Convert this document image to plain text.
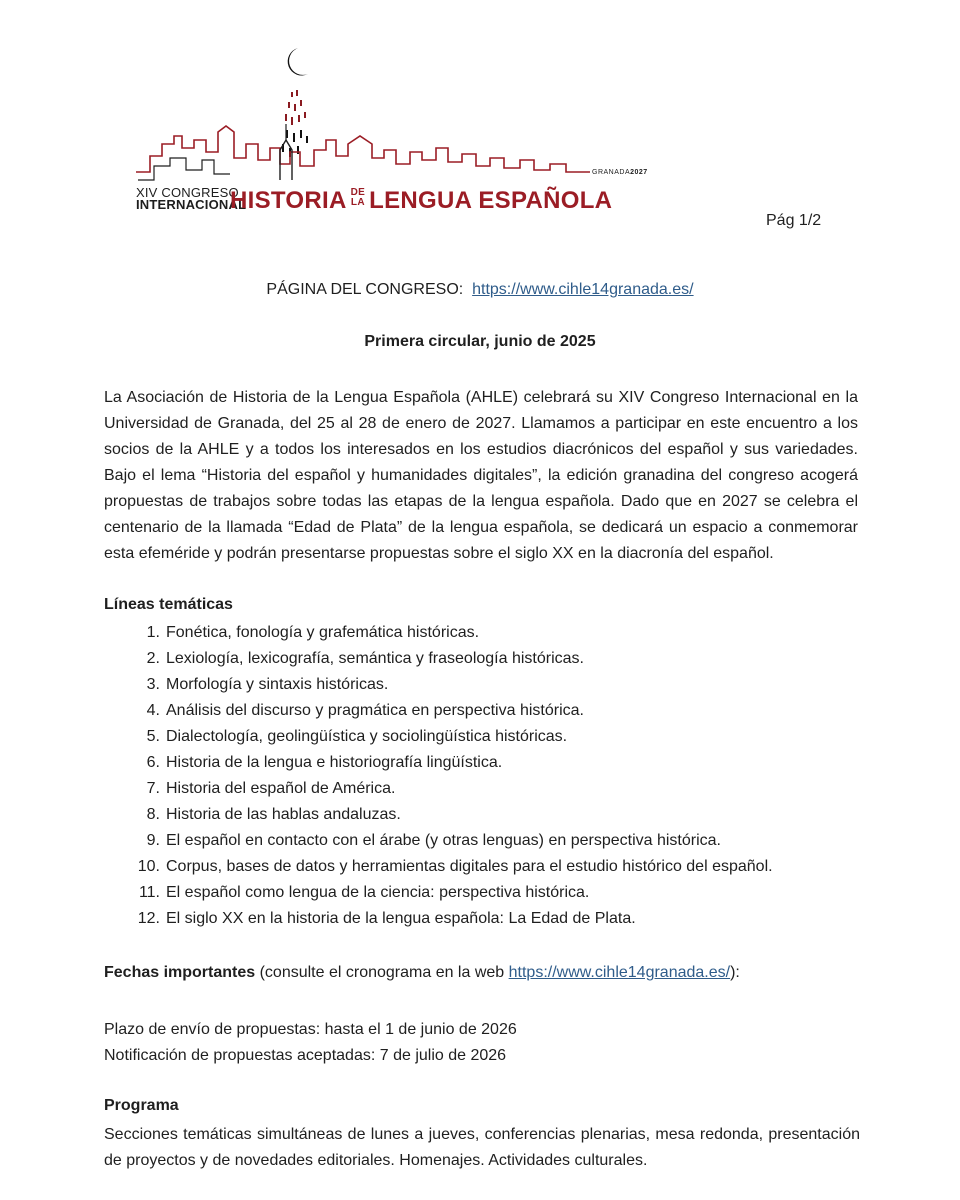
XIV CONGRESO
INTERNACIONAL
GRANADA2027
HISTORIA DE
LA LENGUA ESPAÑOLA
Pág 1/2
PÁGINA DEL CONGRESO: https://www.cihle14granada.es/
Primera circular, junio de 2025
La Asociación de Historia de la Lengua Española (AHLE) celebrará su XIV Congreso Internacional en la Universidad de Granada, del 25 al 28 de enero de 2027. Llamamos a participar en este encuentro a los socios de la AHLE y a todos los interesados en los estudios diacrónicos del español y sus variedades. Bajo el lema “Historia del español y humanidades digitales”, la edición granadina del congreso acogerá propuestas de trabajos sobre todas las etapas de la lengua española. Dado que en 2027 se celebra el centenario de la llamada “Edad de Plata” de la lengua española, se dedicará un espacio a conmemorar esta efeméride y podrán presentarse propuestas sobre el siglo XX en la diacronía del español.
Líneas temáticas
1. Fonética, fonología y grafemática históricas.
2. Lexiología, lexicografía, semántica y fraseología históricas.
3. Morfología y sintaxis históricas.
4. Análisis del discurso y pragmática en perspectiva histórica.
5. Dialectología, geolingüística y sociolingüística históricas.
6. Historia de la lengua e historiografía lingüística.
7. Historia del español de América.
8. Historia de las hablas andaluzas.
9. El español en contacto con el árabe (y otras lenguas) en perspectiva histórica.
10. Corpus, bases de datos y herramientas digitales para el estudio histórico del español.
11. El español como lengua de la ciencia: perspectiva histórica.
12. El siglo XX en la historia de la lengua española: La Edad de Plata.
Fechas importantes (consulte el cronograma en la web https://www.cihle14granada.es/):
Plazo de envío de propuestas: hasta el 1 de junio de 2026
Notificación de propuestas aceptadas: 7 de julio de 2026
Programa
Secciones temáticas simultáneas de lunes a jueves, conferencias plenarias, mesa redonda, presentación de proyectos y de novedades editoriales. Homenajes. Actividades culturales.
